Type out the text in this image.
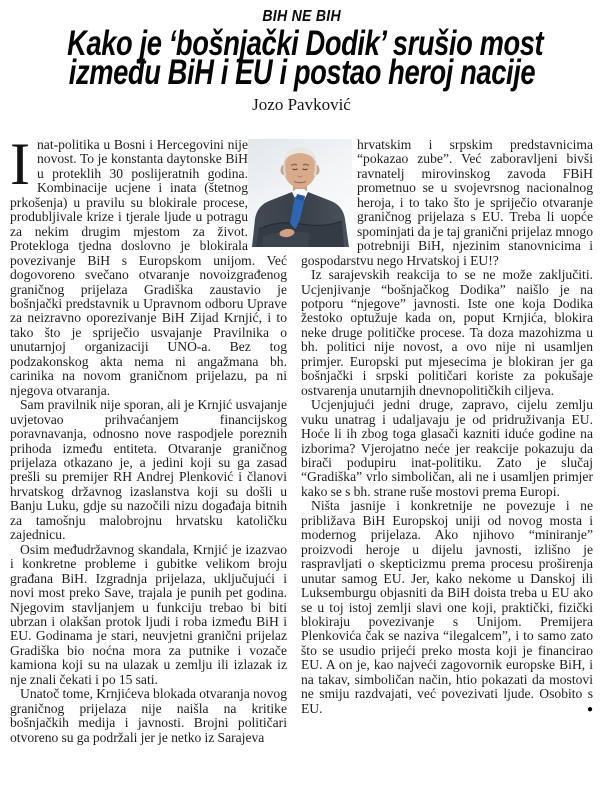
BIH NE BIH
Kako je ‘bošnjački Dodik’ srušio most
između BiH i EU i postao heroj nacije
Jozo Pavković

Inat-politika u Bosni i Hercegovini nije novost. To je konstanta daytonske BiH u proteklih 30 poslijeratnih godina. Kombinacije ucjene i inata (štetnog prkošenja) u pravilu su blokirale procese, produbljivale krize i tjerale ljude u potragu za nekim drugim mjestom za život. Protekloga tjedna doslovno je blokirala povezivanje BiH s Europskom unijom. Već dogovoreno svečano otvaranje novoizgrađenog graničnog prijelaza Gradiška zaustavio je bošnjački predstavnik u Upravnom odboru Uprave za neizravno oporezivanje BiH Zijad Krnjić, i to tako što je spriječio usvajanje Pravilnika o unutarnjoj organizaciji UNO-a. Bez tog podzakonskog akta nema ni angažmana bh. carinika na novom graničnom prijelazu, pa ni njegova otvaranja.

Sam pravilnik nije sporan, ali je Krnjić usvajanje uvjetovao prihvaćanjem financijskog poravnavanja, odnosno nove raspodjele poreznih prihoda između entiteta. Otvaranje graničnog prijelaza otkazano je, a jedini koji su ga zasad prešli su premijer RH Andrej Plenković i članovi hrvatskog državnog izaslanstva koji su došli u Banju Luku, gdje su nazočili nizu događaja bitnih za tamošnju malobrojnu hrvatsku katoličku zajednicu.

Osim međudržavnog skandala, Krnjić je izazvao i konkretne probleme i gubitke velikom broju građana BiH. Izgradnja prijelaza, uključujući i novi most preko Save, trajala je punih pet godina. Njegovim stavljanjem u funkciju trebao bi biti ubrzan i olakšan protok ljudi i roba između BiH i EU. Godinama je stari, neuvjetni granični prijelaz Gradiška bio noćna mora za putnike i vozače kamiona koji su na ulazak u zemlju ili izlazak iz nje znali čekati i po 15 sati.

Unatoč tome, Krnjićeva blokada otvaranja novog graničnog prijelaza nije naišla na kritike bošnjačkih medija i javnosti. Brojni političari otvoreno su ga podržali jer je netko iz Sarajeva

hrvatskim i srpskim predstavnicima “pokazao zube”. Već zaboravljeni bivši ravnatelj mirovinskog zavoda FBiH prometnuo se u svojevrsnog nacionalnog heroja, i to tako što je spriječio otvaranje graničnog prijelaza s EU. Treba li uopće spominjati da je taj granični prijelaz mnogo potrebniji BiH, njezinim stanovnicima i gospodarstvu nego Hrvatskoj i EU!?

Iz sarajevskih reakcija to se ne može zaključiti. Ucjenjivanje “bošnjačkog Dodika” naišlo je na potporu “njegove” javnosti. Iste one koja Dodika žestoko optužuje kada on, poput Krnjića, blokira neke druge političke procese. Ta doza mazohizma u bh. politici nije novost, a ovo nije ni usamljen primjer. Europski put mjesecima je blokiran jer ga bošnjački i srpski političari koriste za pokušaje ostvarenja unutarnjih dnevnopolitičkih ciljeva.

Ucjenjujući jedni druge, zapravo, cijelu zemlju vuku unatrag i udaljavaju je od pridruživanja EU. Hoće li ih zbog toga glasači kazniti iduće godine na izborima? Vjerojatno neće jer reakcije pokazuju da birači podupiru inat-politiku. Zato je slučaj “Gradiška” vrlo simboličan, ali ne i usamljen primjer kako se s bh. strane ruše mostovi prema Europi.

Ništa jasnije i konkretnije ne povezuje i ne približava BiH Europskoj uniji od novog mosta i modernog prijelaza. Ako njihovo “miniranje” proizvodi heroje u dijelu javnosti, izlišno je raspravljati o skepticizmu prema procesu proširenja unutar samog EU. Jer, kako nekome u Danskoj ili Luksemburgu objasniti da BiH doista treba u EU ako se u toj istoj zemlji slavi one koji, praktički, fizički blokiraju povezivanje s Unijom. Premijera Plenkovića čak se naziva “ilegalcem”, i to samo zato što se usudio prijeći preko mosta koji je financirao EU. A on je, kao najveći zagovornik europske BiH, i na takav, simboličan način, htio pokazati da mostovi ne smiju razdvajati, već povezivati ljude. Osobito s EU.	●
